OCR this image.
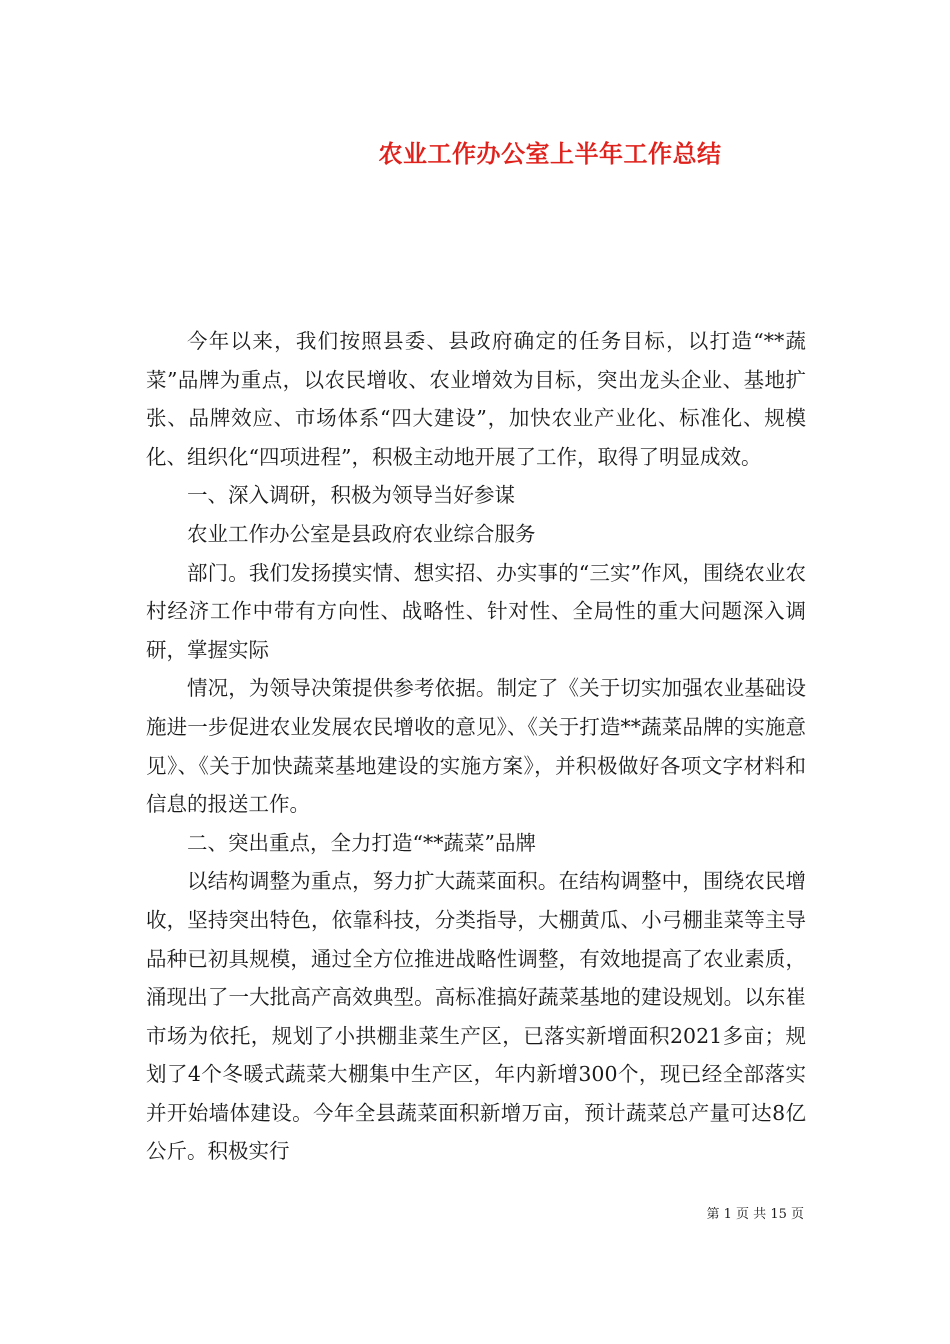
农业工作办公室上半年工作总结

今年以来，我们按照县委、县政府确定的任务目标，以打造“**蔬菜”品牌为重点，以农民增收、农业增效为目标，突出龙头企业、基地扩张、品牌效应、市场体系“四大建设”，加快农业产业化、标准化、规模化、组织化“四项进程”，积极主动地开展了工作，取得了明显成效。

一、深入调研，积极为领导当好参谋

农业工作办公室是县政府农业综合服务

部门。我们发扬摸实情、想实招、办实事的“三实”作风，围绕农业农村经济工作中带有方向性、战略性、针对性、全局性的重大问题深入调研，掌握实际

情况，为领导决策提供参考依据。制定了《关于切实加强农业基础设施进一步促进农业发展农民增收的意见》、《关于打造**蔬菜品牌的实施意见》、《关于加快蔬菜基地建设的实施方案》，并积极做好各项文字材料和信息的报送工作。

二、突出重点，全力打造“**蔬菜”品牌

以结构调整为重点，努力扩大蔬菜面积。在结构调整中，围绕农民增收，坚持突出特色，依靠科技，分类指导，大棚黄瓜、小弓棚韭菜等主导品种已初具规模，通过全方位推进战略性调整，有效地提高了农业素质，涌现出了一大批高产高效典型。高标准搞好蔬菜基地的建设规划。以东崔市场为依托，规划了小拱棚韭菜生产区，已落实新增面积2021多亩；规划了4个冬暖式蔬菜大棚集中生产区，年内新增300个，现已经全部落实并开始墙体建设。今年全县蔬菜面积新增万亩，预计蔬菜总产量可达8亿公斤。积极实行

第 1 页 共 15 页
